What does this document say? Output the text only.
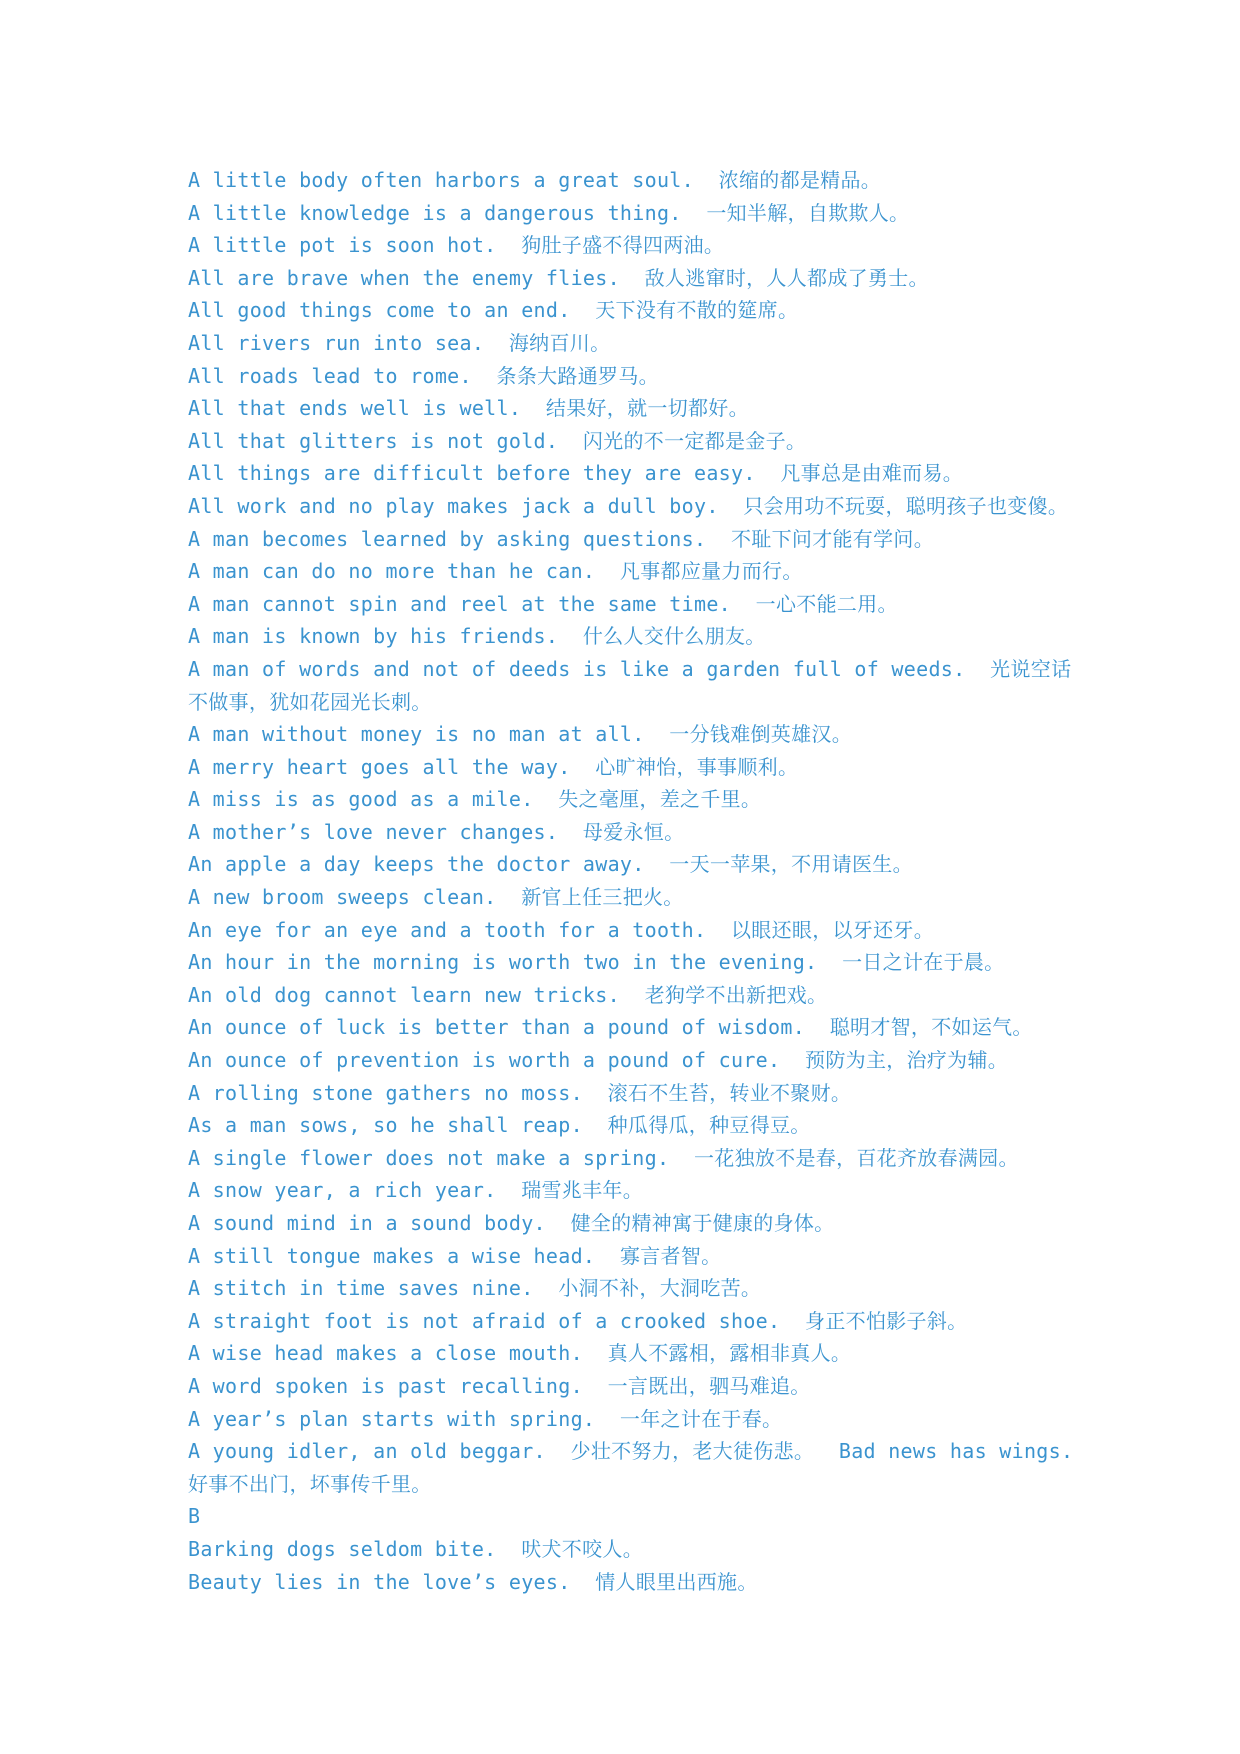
A little body often harbors a great soul.  浓缩的都是精品。
A little knowledge is a dangerous thing.  一知半解，自欺欺人。
A little pot is soon hot.  狗肚子盛不得四两油。
All are brave when the enemy flies.  敌人逃窜时，人人都成了勇士。
All good things come to an end.  天下没有不散的筵席。
All rivers run into sea.  海纳百川。
All roads lead to rome.  条条大路通罗马。
All that ends well is well.  结果好，就一切都好。
All that glitters is not gold.  闪光的不一定都是金子。
All things are difficult before they are easy.  凡事总是由难而易。
All work and no play makes jack a dull boy.  只会用功不玩耍，聪明孩子也变傻。
A man becomes learned by asking questions.  不耻下问才能有学问。
A man can do no more than he can.  凡事都应量力而行。
A man cannot spin and reel at the same time.  一心不能二用。
A man is known by his friends.  什么人交什么朋友。
A man of words and not of deeds is like a garden full of weeds.  光说空话不做事，犹如花园光长刺。
A man without money is no man at all.  一分钱难倒英雄汉。
A merry heart goes all the way.  心旷神怡，事事顺利。
A miss is as good as a mile.  失之毫厘，差之千里。
A mother’s love never changes.  母爱永恒。
An apple a day keeps the doctor away.  一天一苹果，不用请医生。
A new broom sweeps clean.  新官上任三把火。
An eye for an eye and a tooth for a tooth.  以眼还眼，以牙还牙。
An hour in the morning is worth two in the evening.  一日之计在于晨。
An old dog cannot learn new tricks.  老狗学不出新把戏。
An ounce of luck is better than a pound of wisdom.  聪明才智，不如运气。
An ounce of prevention is worth a pound of cure.  预防为主，治疗为辅。
A rolling stone gathers no moss.  滚石不生苔，转业不聚财。
As a man sows, so he shall reap.  种瓜得瓜，种豆得豆。
A single flower does not make a spring.  一花独放不是春，百花齐放春满园。
A snow year, a rich year.  瑞雪兆丰年。
A sound mind in a sound body.  健全的精神寓于健康的身体。
A still tongue makes a wise head.  寡言者智。
A stitch in time saves nine.  小洞不补，大洞吃苦。
A straight foot is not afraid of a crooked shoe.  身正不怕影子斜。
A wise head makes a close mouth.  真人不露相，露相非真人。
A word spoken is past recalling.  一言既出，驷马难追。
A year’s plan starts with spring.  一年之计在于春。
A young idler, an old beggar.  少壮不努力，老大徒伤悲。  Bad news has wings. 好事不出门，坏事传千里。
B
Barking dogs seldom bite.  吠犬不咬人。
Beauty lies in the love’s eyes.  情人眼里出西施。
